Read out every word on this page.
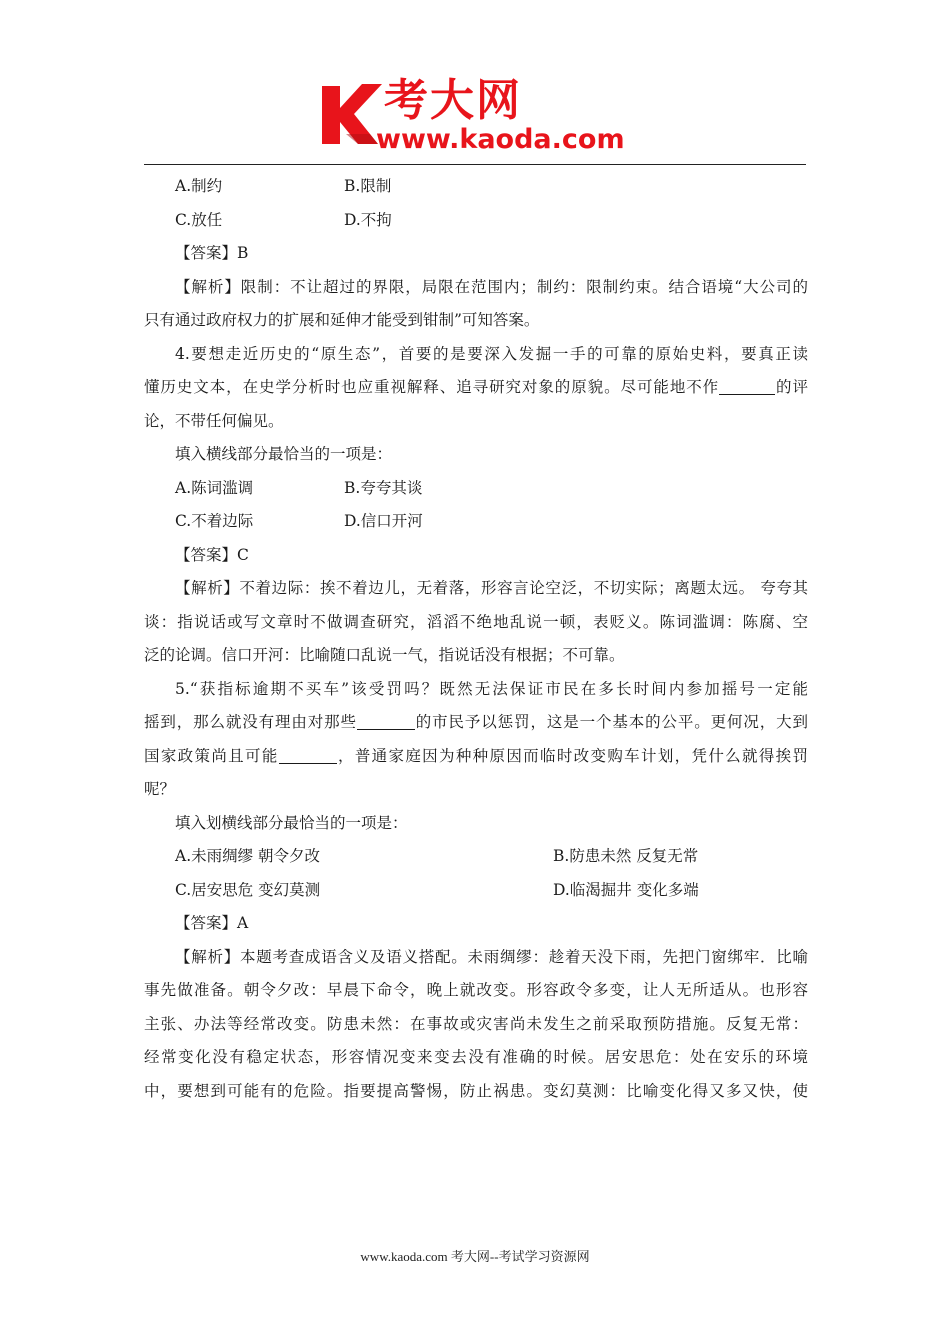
考大网
www.kaoda.com
A.制约	B.限制
C.放任	D.不拘
【答案】B
【解析】限制：不让超过的界限，局限在范围内；制约：限制约束。结合语境“大公司的
只有通过政府权力的扩展和延伸才能受到钳制”可知答案。
4.要想走近历史的“原生态”，首要的是要深入发掘一手的可靠的原始史料，要真正读
懂历史文本，在史学分析时也应重视解释、追寻研究对象的原貌。尽可能地不作	的评
论，不带任何偏见。
填入横线部分最恰当的一项是：
A.陈词滥调	B.夸夸其谈
C.不着边际	D.信口开河
【答案】C
【解析】不着边际：挨不着边儿，无着落，形容言论空泛，不切实际；离题太远。 夸夸其
谈：指说话或写文章时不做调查研究，滔滔不绝地乱说一顿，表贬义。陈词滥调：陈腐、空
泛的论调。信口开河：比喻随口乱说一气，指说话没有根据；不可靠。
5.“获指标逾期不买车”该受罚吗？既然无法保证市民在多长时间内参加摇号一定能
摇到，那么就没有理由对那些	的市民予以惩罚，这是一个基本的公平。更何况，大到
国家政策尚且可能	，普通家庭因为种种原因而临时改变购车计划，凭什么就得挨罚
呢？
填入划横线部分最恰当的一项是：
A.未雨绸缪 朝令夕改	B.防患未然 反复无常
C.居安思危 变幻莫测	D.临渴掘井 变化多端
【答案】A
【解析】本题考查成语含义及语义搭配。未雨绸缪：趁着天没下雨，先把门窗绑牢．比喻
事先做准备。朝令夕改：早晨下命令，晚上就改变。形容政令多变，让人无所适从。也形容
主张、办法等经常改变。防患未然：在事故或灾害尚未发生之前采取预防措施。反复无常：
经常变化没有稳定状态，形容情况变来变去没有准确的时候。居安思危：处在安乐的环境
中，要想到可能有的危险。指要提高警惕，防止祸患。变幻莫测：比喻变化得又多又快，使
www.kaoda.com 考大网--考试学习资源网
